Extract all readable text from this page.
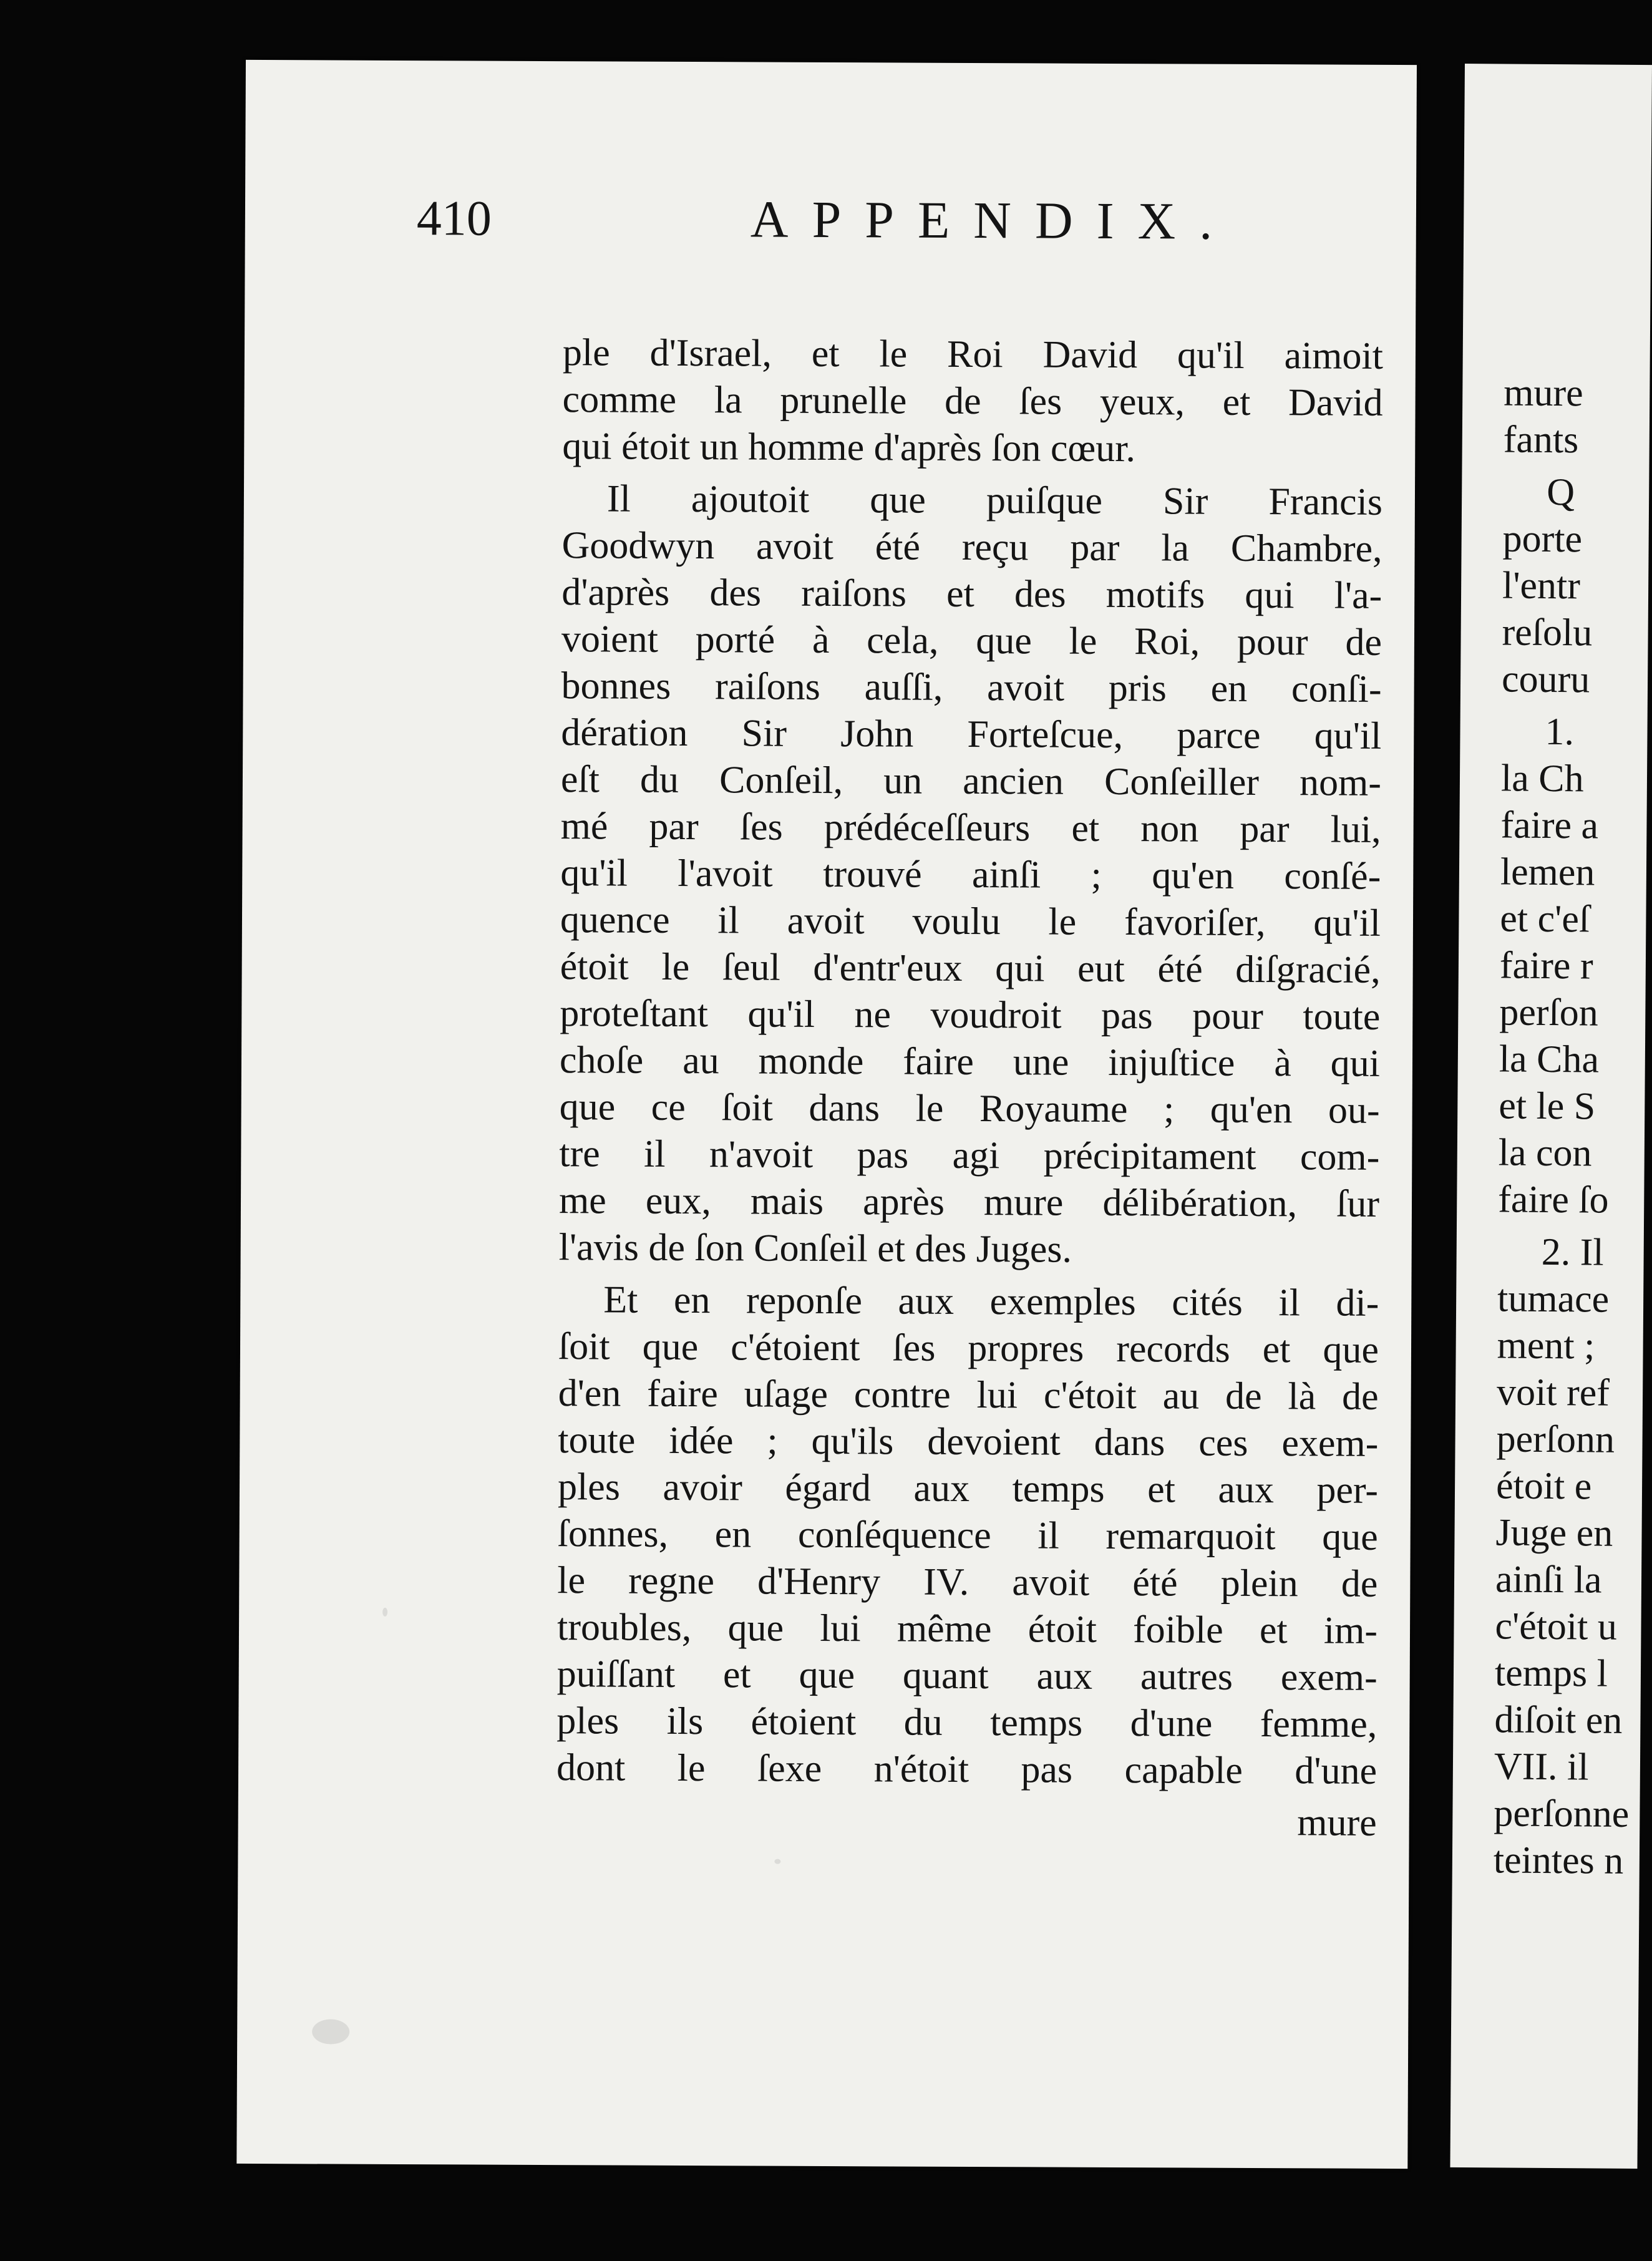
410	APPENDIX.
ple d'Israel, et le Roi David qu'il aimoit
comme la prunelle de ſes yeux, et David
qui étoit un homme d'après ſon cœur.
Il ajoutoit que puiſque Sir Francis
Goodwyn avoit été reçu par la Chambre,
d'après des raiſons et des motifs qui l'a-
voient porté à cela, que le Roi, pour de
bonnes raiſons auſſi, avoit pris en conſi-
dération Sir John Forteſcue, parce qu'il
eſt du Conſeil, un ancien Conſeiller nom-
mé par ſes prédéceſſeurs et non par lui,
qu'il l'avoit trouvé ainſi ; qu'en conſé-
quence il avoit voulu le favoriſer, qu'il
étoit le ſeul d'entr'eux qui eut été diſgracié,
proteſtant qu'il ne voudroit pas pour toute
choſe au monde faire une injuſtice à qui
que ce ſoit dans le Royaume ; qu'en ou-
tre il n'avoit pas agi précipitament com-
me eux, mais après mure délibération, ſur
l'avis de ſon Conſeil et des Juges.
Et en reponſe aux exemples cités il di-
ſoit que c'étoient ſes propres records et que
d'en faire uſage contre lui c'étoit au de là de
toute idée ; qu'ils devoient dans ces exem-
ples avoir égard aux temps et aux per-
ſonnes, en conſéquence il remarquoit que
le regne d'Henry IV. avoit été plein de
troubles, que lui même étoit foible et im-
puiſſant et que quant aux autres exem-
ples ils étoient du temps d'une femme,
dont le ſexe n'étoit pas capable d'une
mure
mure
fants
Q
porte
l'entr
reſolu
couru
1.
la Ch
faire a
lemen
et c'eſ
faire r
perſon
la Cha
et le S
la con
faire ſo
2. Il
tumace
ment ;
voit ref
perſonn
étoit e
Juge en
ainſi la
c'étoit u
temps l
diſoit en
VII. il
perſonne
teintes n
